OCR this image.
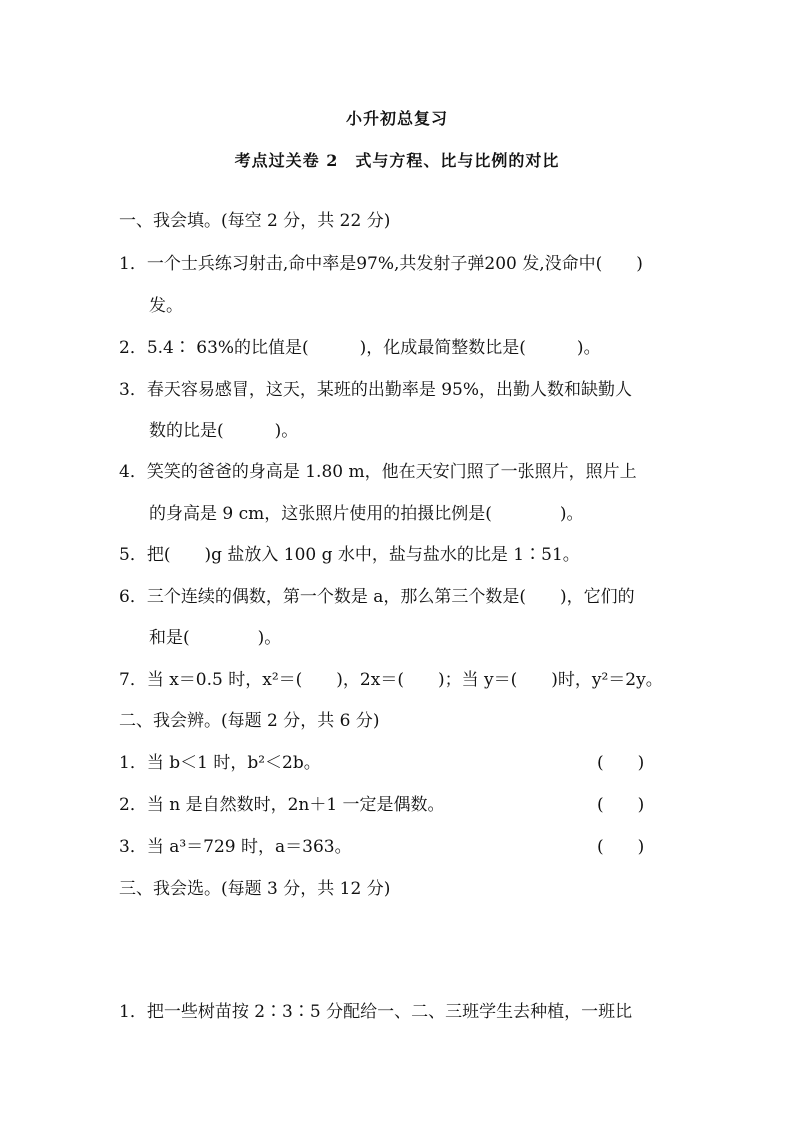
小升初总复习
考点过关卷 2　式与方程、比与比例的对比
一、我会填。(每空 2 分，共 22 分)
1．一个士兵练习射击,命中率是97%,共发射子弹200 发,没命中(　　)
发。
2．5.4∶ 63%的比值是(　　　)，化成最简整数比是(　　　)。
3．春天容易感冒，这天，某班的出勤率是 95%，出勤人数和缺勤人
数的比是(　　　)。
4．笑笑的爸爸的身高是 1.80 m，他在天安门照了一张照片，照片上
的身高是 9 cm，这张照片使用的拍摄比例是(　　　　)。
5．把(　　)g 盐放入 100 g 水中，盐与盐水的比是 1∶51。
6．三个连续的偶数，第一个数是 a，那么第三个数是(　　)，它们的
和是(　　　　)。
7．当 x＝0.5 时，x²＝(　　)，2x＝(　　)；当 y＝(　　)时，y²＝2y。
二、我会辨。(每题 2 分，共 6 分)
1．当 b＜1 时，b²＜2b。	(　　)
2．当 n 是自然数时，2n＋1 一定是偶数。	(　　)
3．当 a³＝729 时，a＝363。	(　　)
三、我会选。(每题 3 分，共 12 分)
1．把一些树苗按 2∶3∶5 分配给一、二、三班学生去种植，一班比
